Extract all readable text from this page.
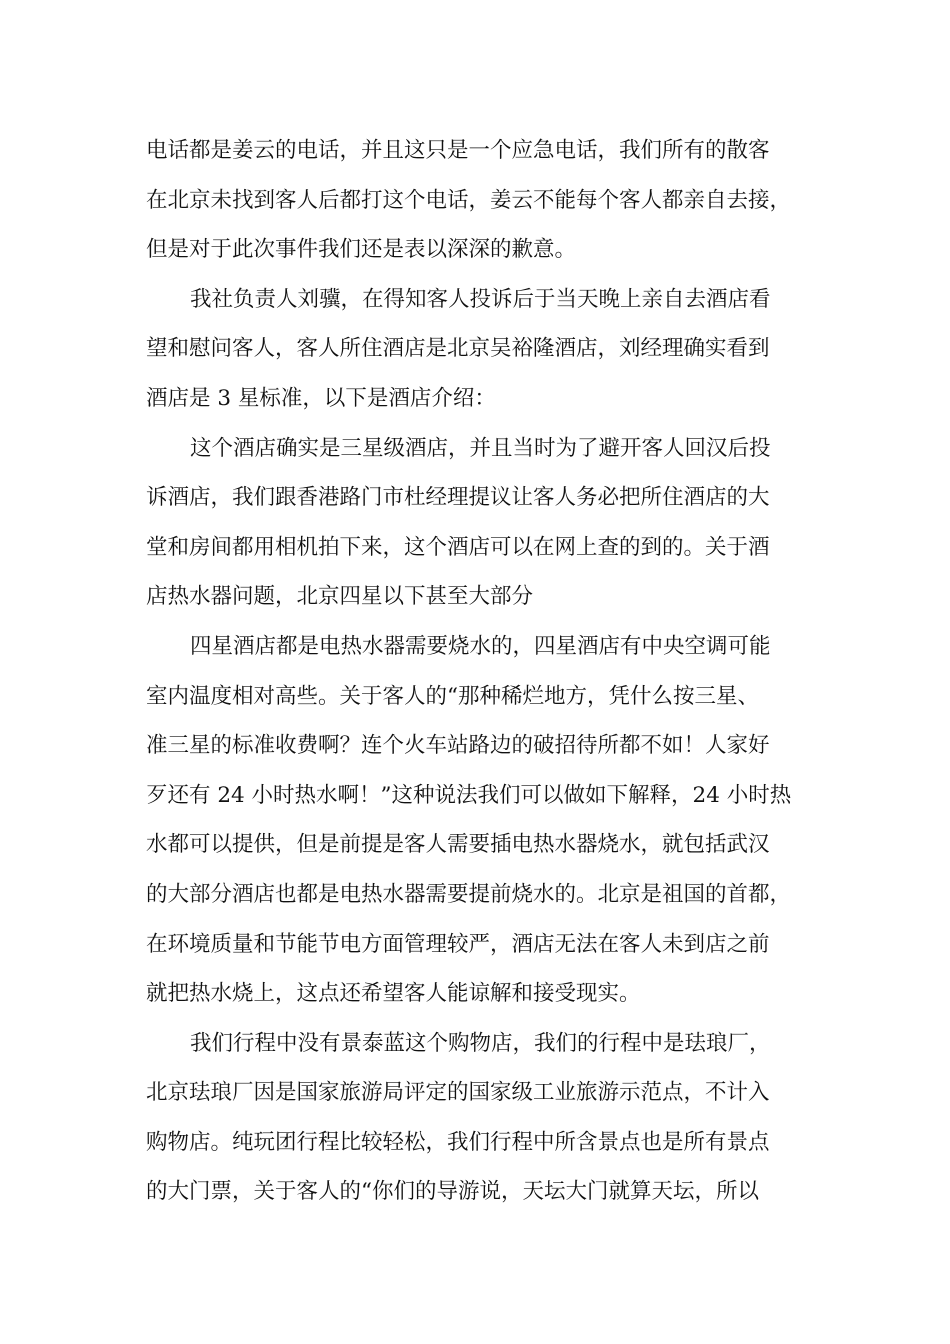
电话都是姜云的电话，并且这只是一个应急电话，我们所有的散客
在北京未找到客人后都打这个电话，姜云不能每个客人都亲自去接，
但是对于此次事件我们还是表以深深的歉意。
我社负责人刘骥，在得知客人投诉后于当天晚上亲自去酒店看
望和慰问客人，客人所住酒店是北京吴裕隆酒店，刘经理确实看到
酒店是 3 星标准，以下是酒店介绍：
这个酒店确实是三星级酒店，并且当时为了避开客人回汉后投
诉酒店，我们跟香港路门市杜经理提议让客人务必把所住酒店的大
堂和房间都用相机拍下来，这个酒店可以在网上查的到的。关于酒
店热水器问题，北京四星以下甚至大部分
四星酒店都是电热水器需要烧水的，四星酒店有中央空调可能
室内温度相对高些。关于客人的“那种稀烂地方，凭什么按三星、
准三星的标准收费啊？连个火车站路边的破招待所都不如！人家好
歹还有 24 小时热水啊！”这种说法我们可以做如下解释，24 小时热
水都可以提供，但是前提是客人需要插电热水器烧水，就包括武汉
的大部分酒店也都是电热水器需要提前烧水的。北京是祖国的首都，
在环境质量和节能节电方面管理较严，酒店无法在客人未到店之前
就把热水烧上，这点还希望客人能谅解和接受现实。
我们行程中没有景泰蓝这个购物店，我们的行程中是珐琅厂，
北京珐琅厂因是国家旅游局评定的国家级工业旅游示范点，不计入
购物店。纯玩团行程比较轻松，我们行程中所含景点也是所有景点
的大门票，关于客人的“你们的导游说，天坛大门就算天坛，所以
